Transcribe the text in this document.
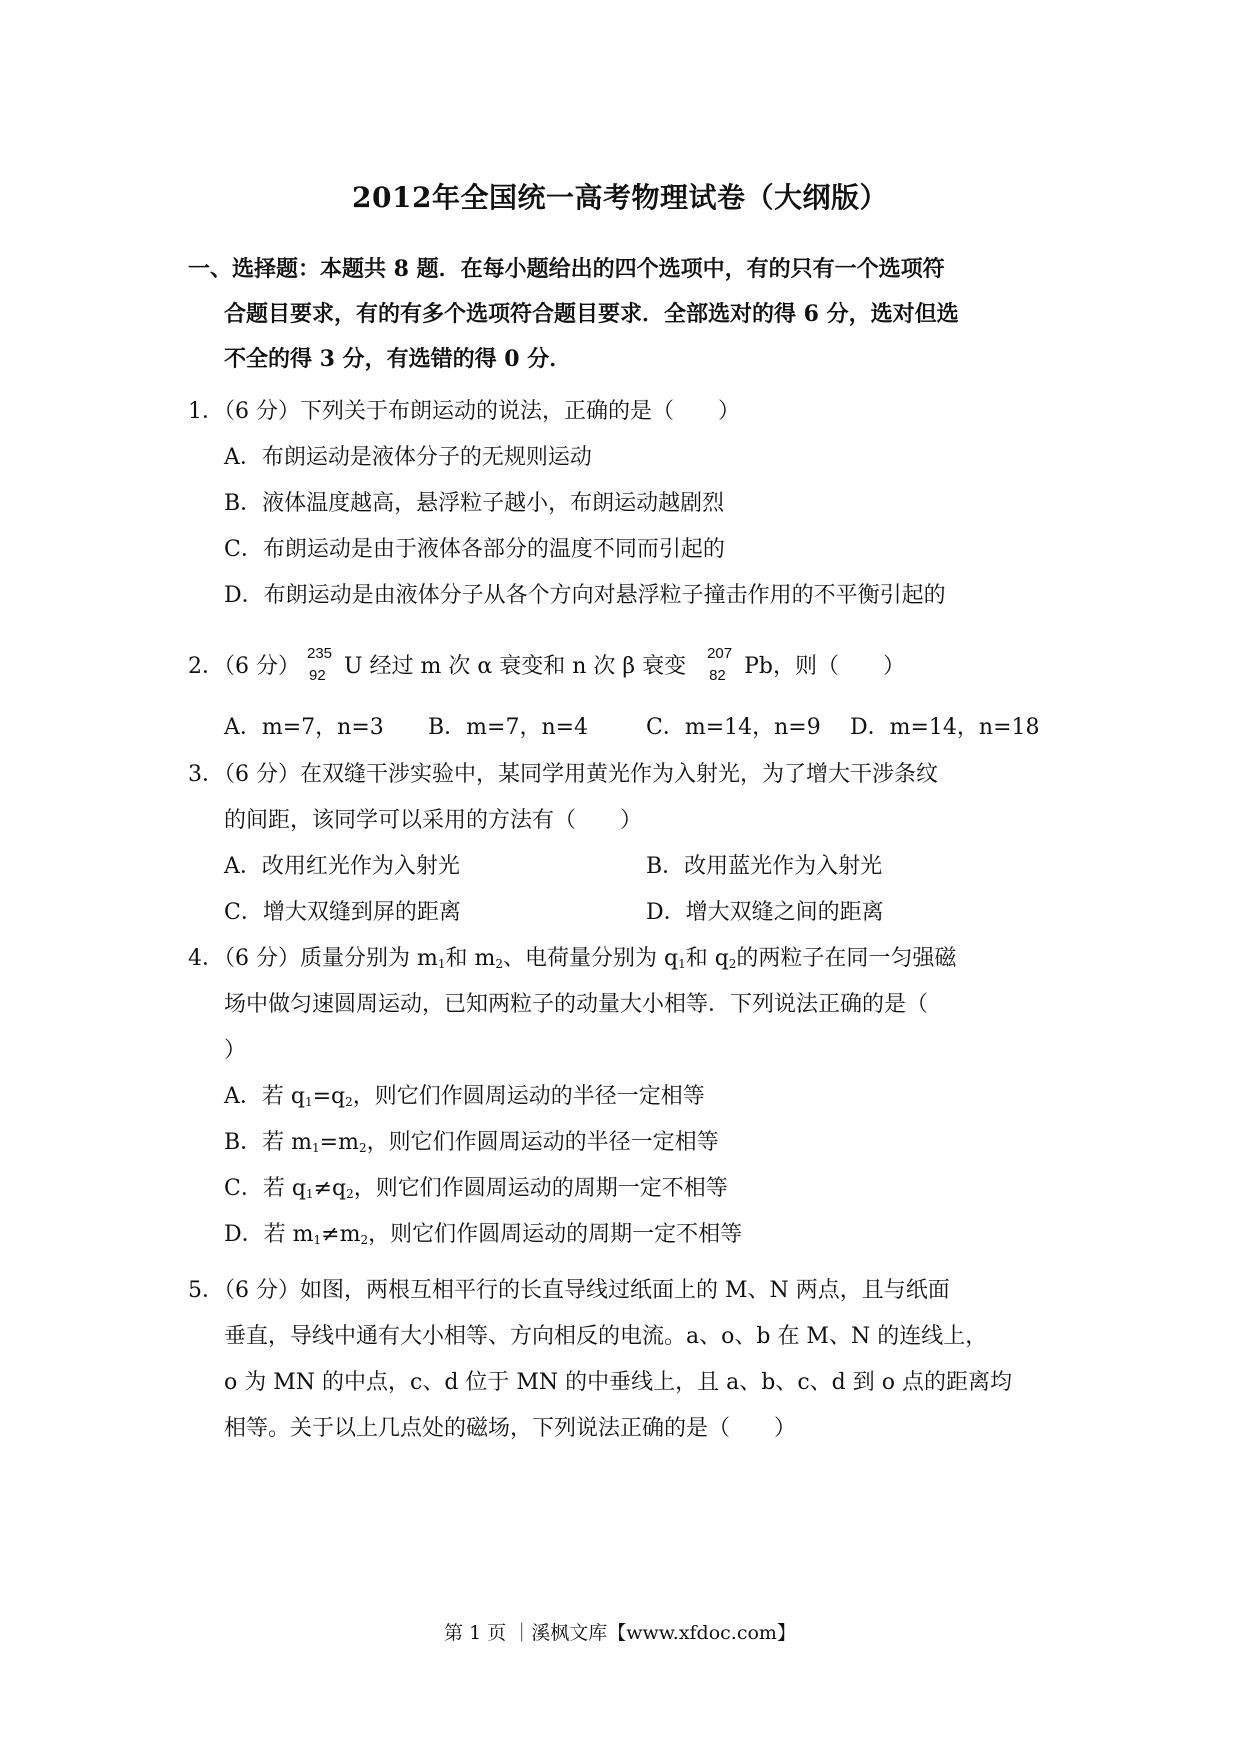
2012年全国统一高考物理试卷（大纲版）
一、选择题：本题共 8 题．在每小题给出的四个选项中，有的只有一个选项符
合题目要求，有的有多个选项符合题目要求．全部选对的得 6 分，选对但选
不全的得 3 分，有选错的得 0 分．
1．（6 分）下列关于布朗运动的说法，正确的是（　　）
A．布朗运动是液体分子的无规则运动
B．液体温度越高，悬浮粒子越小，布朗运动越剧烈
C．布朗运动是由于液体各部分的温度不同而引起的
D．布朗运动是由液体分子从各个方向对悬浮粒子撞击作用的不平衡引起的
2．（6 分）
235
92 U 经过 m 次 α 衰变和 n 次 β 衰变
207
82 Pb，则（　　）
A．m=7，n=3 B．m=7，n=4	C．m=14，n=9 D．m=14，n=18
3．（6 分）在双缝干涉实验中，某同学用黄光作为入射光，为了增大干涉条纹
的间距，该同学可以采用的方法有（　　）
A．改用红光作为入射光	B．改用蓝光作为入射光
C．增大双缝到屏的距离	D．增大双缝之间的距离
4．（6 分）质量分别为 $m_1$和 $m_2$、电荷量分别为 $q_1$和 $q_2$的两粒子在同一匀强磁
场中做匀速圆周运动，已知两粒子的动量大小相等．下列说法正确的是（
）
A．若 $q_1=q_2$，则它们作圆周运动的半径一定相等
B．若 $m_1=m_2$，则它们作圆周运动的半径一定相等
C．若 $q_1\ne q_2$，则它们作圆周运动的周期一定不相等
D．若 $m_1\ne m_2$，则它们作圆周运动的周期一定不相等
5．（6 分）如图，两根互相平行的长直导线过纸面上的 M、N 两点，且与纸面
垂直，导线中通有大小相等、方向相反的电流。a、o、b 在 M、N 的连线上，
o 为 MN 的中点，c、d 位于 MN 的中垂线上，且 a、b、c、d 到 o 点的距离均
相等。关于以上几点处的磁场，下列说法正确的是（　　）
第 1 页 ｜溪枫文库【www.xfdoc.com】
